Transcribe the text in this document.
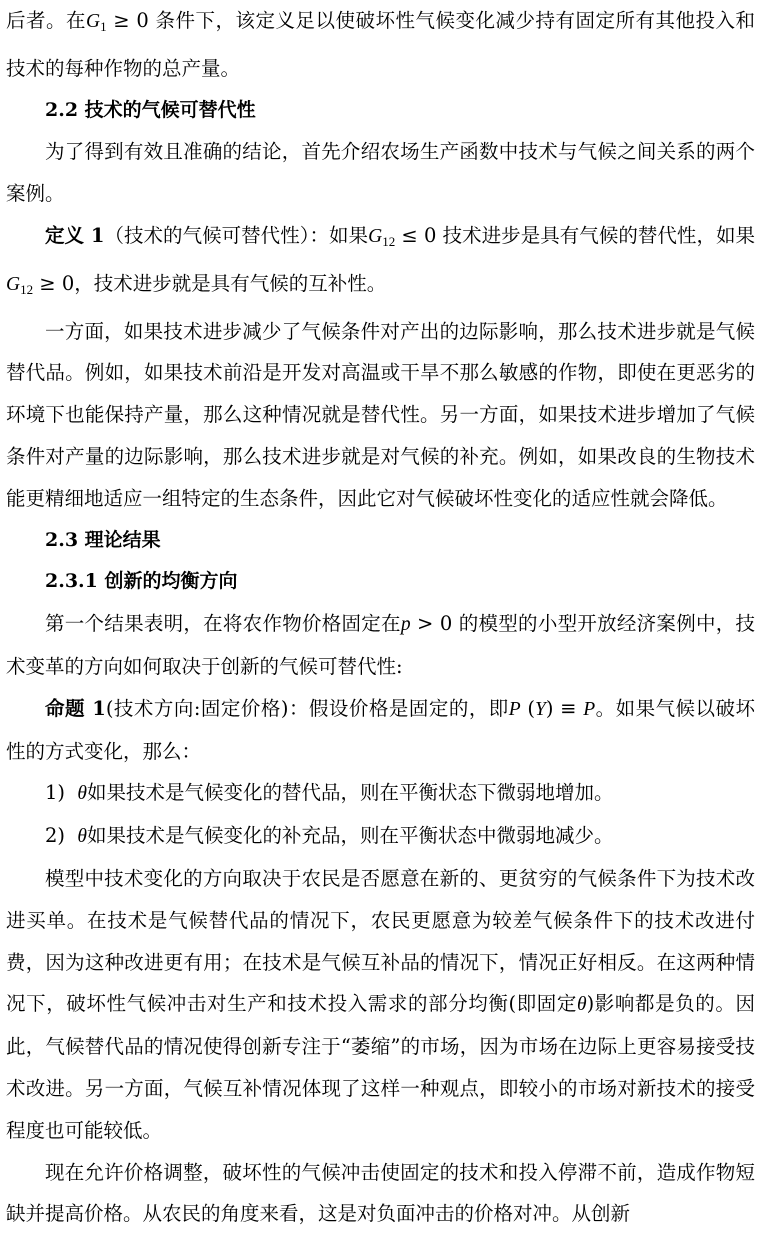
后者。在$G_1 \ge 0$ 条件下，该定义足以使破坏性气候变化减少持有固定所有其他投入和技术的每种作物的总产量。

2.2 技术的气候可替代性

为了得到有效且准确的结论，首先介绍农场生产函数中技术与气候之间关系的两个案例。

定义 1（技术的气候可替代性）：如果$G_{12} \le 0$ 技术进步是具有气候的替代性，如果$G_{12} \ge 0$，技术进步就是具有气候的互补性。

一方面，如果技术进步减少了气候条件对产出的边际影响，那么技术进步就是气候替代品。例如，如果技术前沿是开发对高温或干旱不那么敏感的作物，即使在更恶劣的环境下也能保持产量，那么这种情况就是替代性。另一方面，如果技术进步增加了气候条件对产量的边际影响，那么技术进步就是对气候的补充。例如，如果改良的生物技术能更精细地适应一组特定的生态条件，因此它对气候破坏性变化的适应性就会降低。

2.3 理论结果
2.3.1 创新的均衡方向

第一个结果表明，在将农作物价格固定在p > 0 的模型的小型开放经济案例中，技术变革的方向如何取决于创新的气候可替代性:

命题 1(技术方向:固定价格)：假设价格是固定的，即P (Y) ≡ P。如果气候以破坏性的方式变化，那么：

1) θ如果技术是气候变化的替代品，则在平衡状态下微弱地增加。

2) θ如果技术是气候变化的补充品，则在平衡状态中微弱地减少。

模型中技术变化的方向取决于农民是否愿意在新的、更贫穷的气候条件下为技术改进买单。在技术是气候替代品的情况下，农民更愿意为较差气候条件下的技术改进付费，因为这种改进更有用；在技术是气候互补品的情况下，情况正好相反。在这两种情况下，破坏性气候冲击对生产和技术投入需求的部分均衡(即固定θ)影响都是负的。因此，气候替代品的情况使得创新专注于“萎缩”的市场，因为市场在边际上更容易接受技术改进。另一方面，气候互补情况体现了这样一种观点，即较小的市场对新技术的接受程度也可能较低。

现在允许价格调整，破坏性的气候冲击使固定的技术和投入停滞不前，造成作物短缺并提高价格。从农民的角度来看，这是对负面冲击的价格对冲。从创新
